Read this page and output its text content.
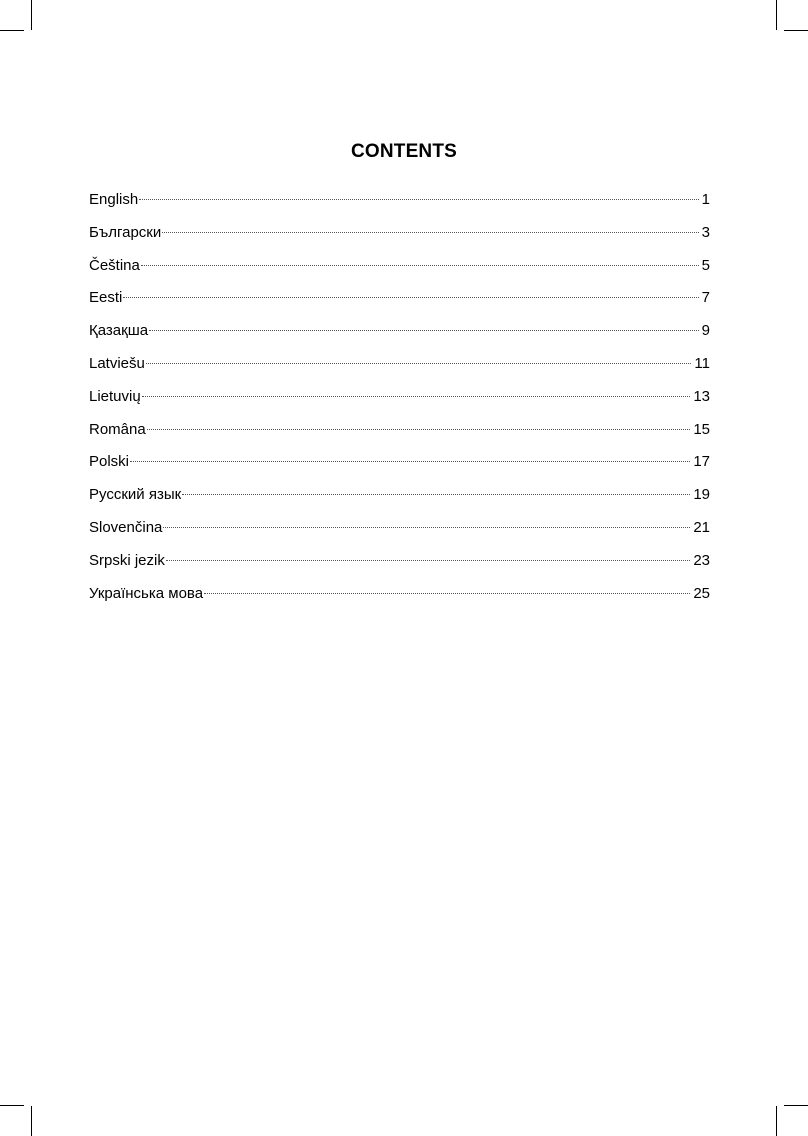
CONTENTS
English	1
Български	3
Čeština	5
Eesti	7
Қазақша	9
Latviešu	11
Lietuvių	13
Româna	15
Polski	17
Русский язык	19
Slovenčina	21
Srpski jezik	23
Українська мова	25
